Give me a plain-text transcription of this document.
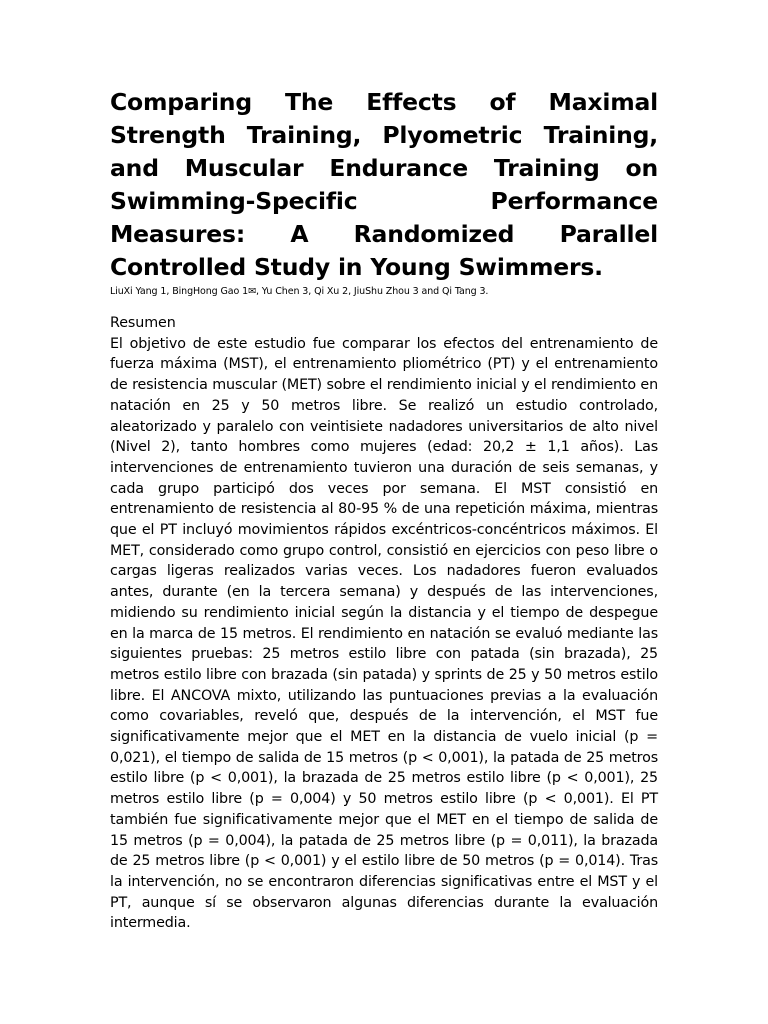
Comparing The Effects of Maximal Strength Training, Plyometric Training, and Muscular Endurance Training on Swimming-Specific Performance Measures: A Randomized Parallel Controlled Study in Young Swimmers.

LiuXi Yang 1, BingHong Gao 1✉, Yu Chen 3, Qi Xu 2, JiuShu Zhou 3 and Qi Tang 3.

Resumen

El objetivo de este estudio fue comparar los efectos del entrenamiento de fuerza máxima (MST), el entrenamiento pliométrico (PT) y el entrenamiento de resistencia muscular (MET) sobre el rendimiento inicial y el rendimiento en natación en 25 y 50 metros libre. Se realizó un estudio controlado, aleatorizado y paralelo con veintisiete nadadores universitarios de alto nivel (Nivel 2), tanto hombres como mujeres (edad: 20,2 ± 1,1 años). Las intervenciones de entrenamiento tuvieron una duración de seis semanas, y cada grupo participó dos veces por semana. El MST consistió en entrenamiento de resistencia al 80-95 % de una repetición máxima, mientras que el PT incluyó movimientos rápidos excéntricos-concéntricos máximos. El MET, considerado como grupo control, consistió en ejercicios con peso libre o cargas ligeras realizados varias veces. Los nadadores fueron evaluados antes, durante (en la tercera semana) y después de las intervenciones, midiendo su rendimiento inicial según la distancia y el tiempo de despegue en la marca de 15 metros. El rendimiento en natación se evaluó mediante las siguientes pruebas: 25 metros estilo libre con patada (sin brazada), 25 metros estilo libre con brazada (sin patada) y sprints de 25 y 50 metros estilo libre. El ANCOVA mixto, utilizando las puntuaciones previas a la evaluación como covariables, reveló que, después de la intervención, el MST fue significativamente mejor que el MET en la distancia de vuelo inicial (p = 0,021), el tiempo de salida de 15 metros (p < 0,001), la patada de 25 metros estilo libre (p < 0,001), la brazada de 25 metros estilo libre (p < 0,001), 25 metros estilo libre (p = 0,004) y 50 metros estilo libre (p < 0,001). El PT también fue significativamente mejor que el MET en el tiempo de salida de 15 metros (p = 0,004), la patada de 25 metros libre (p = 0,011), la brazada de 25 metros libre (p < 0,001) y el estilo libre de 50 metros (p = 0,014). Tras la intervención, no se encontraron diferencias significativas entre el MST y el PT, aunque sí se observaron algunas diferencias durante la evaluación intermedia.
